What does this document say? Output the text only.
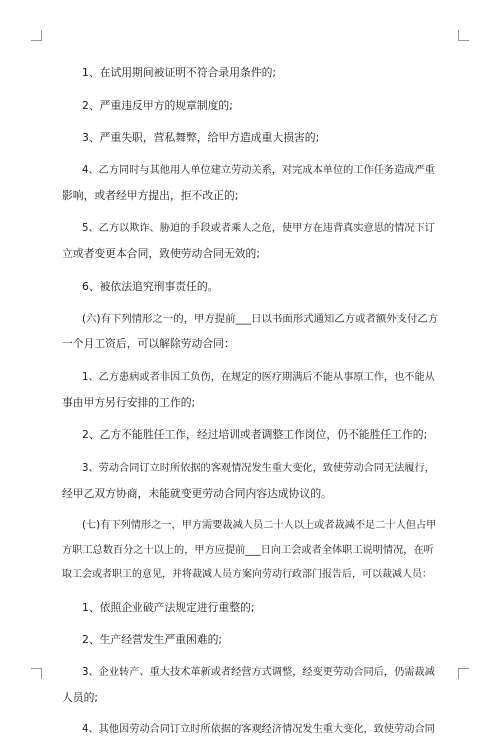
1、在试用期间被证明不符合录用条件的;
2、严重违反甲方的规章制度的;
3、严重失职，营私舞弊，给甲方造成重大损害的;
4、乙方同时与其他用人单位建立劳动关系，对完成本单位的工作任务造成严重
影响，或者经甲方提出，拒不改正的;
5、乙方以欺诈、胁迫的手段或者乘人之危，使甲方在违背真实意思的情况下订
立或者变更本合同，致使劳动合同无效的;
6、被依法追究刑事责任的。
(六)有下列情形之一的，甲方提前___日以书面形式通知乙方或者额外支付乙方
一个月工资后，可以解除劳动合同：
1、乙方患病或者非因工负伤，在规定的医疗期满后不能从事原工作，也不能从
事由甲方另行安排的工作的;
2、乙方不能胜任工作，经过培训或者调整工作岗位，仍不能胜任工作的;
3、劳动合同订立时所依据的客观情况发生重大变化，致使劳动合同无法履行，
经甲乙双方协商，未能就变更劳动合同内容达成协议的。
(七)有下列情形之一，甲方需要裁减人员二十人以上或者裁减不足二十人但占甲
方职工总数百分之十以上的，甲方应提前___日向工会或者全体职工说明情况，在听
取工会或者职工的意见，并将裁减人员方案向劳动行政部门报告后，可以裁减人员：
1、依照企业破产法规定进行重整的;
2、生产经营发生严重困难的;
3、企业转产、重大技术革新或者经营方式调整，经变更劳动合同后，仍需裁减
人员的;
4、其他因劳动合同订立时所依据的客观经济情况发生重大变化，致使劳动合同
